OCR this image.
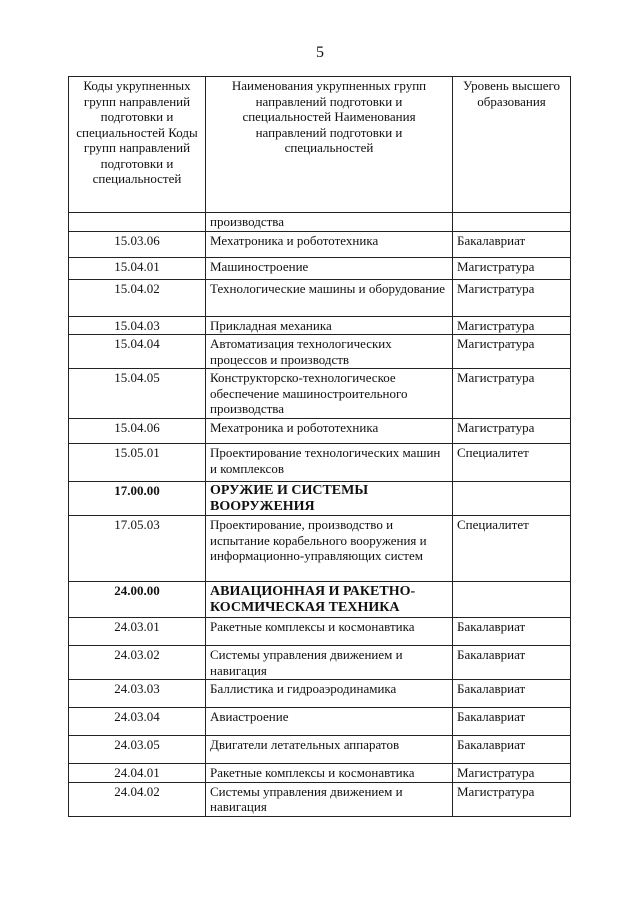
5
Коды укрупненных групп направлений подготовки и специальностей Коды групп направлений подготовки и специальностей	Наименования укрупненных групп направлений подготовки и специальностей Наименования направлений подготовки и специальностей	Уровень высшего образования
	производства	
15.03.06	Мехатроника и робототехника	Бакалавриат
15.04.01	Машиностроение	Магистратура
15.04.02	Технологические машины и оборудование	Магистратура
15.04.03	Прикладная механика	Магистратура
15.04.04	Автоматизация технологических процессов и производств	Магистратура
15.04.05	Конструкторско-технологическое обеспечение машиностроительного производства	Магистратура
15.04.06	Мехатроника и робототехника	Магистратура
15.05.01	Проектирование технологических машин и комплексов	Специалитет
17.00.00	ОРУЖИЕ И СИСТЕМЫ ВООРУЖЕНИЯ	
17.05.03	Проектирование, производство и испытание корабельного вооружения и информационно-управляющих систем	Специалитет
24.00.00	АВИАЦИОННАЯ И РАКЕТНО-КОСМИЧЕСКАЯ ТЕХНИКА	
24.03.01	Ракетные комплексы и космонавтика	Бакалавриат
24.03.02	Системы управления движением и навигация	Бакалавриат
24.03.03	Баллистика и гидроаэродинамика	Бакалавриат
24.03.04	Авиастроение	Бакалавриат
24.03.05	Двигатели летательных аппаратов	Бакалавриат
24.04.01	Ракетные комплексы и космонавтика	Магистратура
24.04.02	Системы управления движением и навигация	Магистратура
